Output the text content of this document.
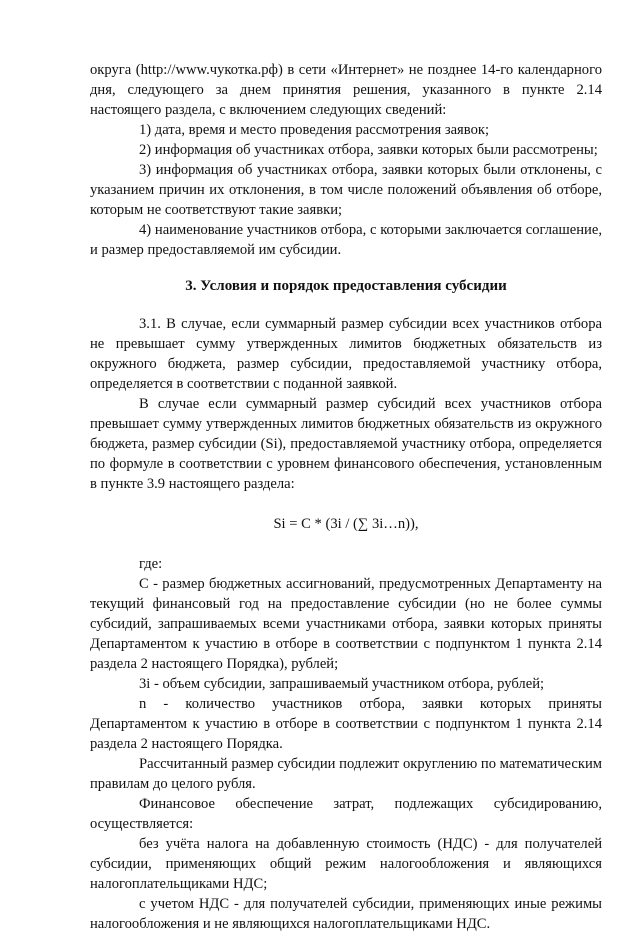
округа (http://www.чукотка.рф) в сети «Интернет» не позднее 14-го календарного дня, следующего за днем принятия решения, указанного в пункте 2.14 настоящего раздела, с включением следующих сведений:

1) дата, время и место проведения рассмотрения заявок;

2) информация об участниках отбора, заявки которых были рассмотрены;

3) информация об участниках отбора, заявки которых были отклонены, с указанием причин их отклонения, в том числе положений объявления об отборе, которым не соответствуют такие заявки;

4) наименование участников отбора, с которыми заключается соглашение, и размер предоставляемой им субсидии.

3. Условия и порядок предоставления субсидии

3.1. В случае, если суммарный размер субсидии всех участников отбора не превышает сумму утвержденных лимитов бюджетных обязательств из окружного бюджета, размер субсидии, предоставляемой участнику отбора, определяется в соответствии с поданной заявкой.

В случае если суммарный размер субсидий всех участников отбора превышает сумму утвержденных лимитов бюджетных обязательств из окружного бюджета, размер субсидии (Si), предоставляемой участнику отбора, определяется по формуле в соответствии с уровнем финансового обеспечения, установленным в пункте 3.9 настоящего раздела:

Si = С * (3i / (∑ 3i…n)),

где:

С - размер бюджетных ассигнований, предусмотренных Департаменту на текущий финансовый год на предоставление субсидии (но не более суммы субсидий, запрашиваемых всеми участниками отбора, заявки которых приняты Департаментом к участию в отборе в соответствии с подпунктом 1 пункта 2.14 раздела 2 настоящего Порядка), рублей;

3i - объем субсидии, запрашиваемый участником отбора, рублей;

n - количество участников отбора, заявки которых приняты Департаментом к участию в отборе в соответствии с подпунктом 1 пункта 2.14 раздела 2 настоящего Порядка.

Рассчитанный размер субсидии подлежит округлению по математическим правилам до целого рубля.

Финансовое обеспечение затрат, подлежащих субсидированию, осуществляется:

без учёта налога на добавленную стоимость (НДС) - для получателей субсидии, применяющих общий режим налогообложения и являющихся налогоплательщиками НДС;

с учетом НДС - для получателей субсидии, применяющих иные режимы налогообложения и не являющихся налогоплательщиками НДС.
